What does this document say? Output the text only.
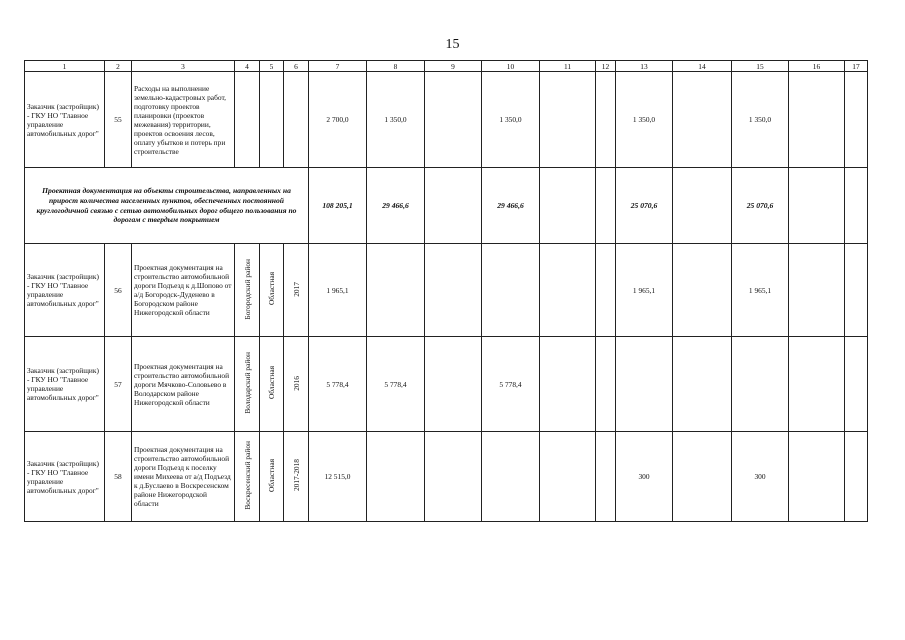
15
1	2	3	4	5	6	7	8	9	10	11	12	13	14	15	16	17
Заказчик (застройщик) - ГКУ НО "Главное управление автомобильных дорог"	55	Расходы на выполнение земельно-кадастровых работ, подготовку проектов планировки (проектов межевания) территории, проектов освоения лесов, оплату убытков и потерь при строительстве				2 700,0	1 350,0		1 350,0			1 350,0		1 350,0		
Проектная документация на объекты строительства, направленных на прирост количества населенных пунктов, обеспеченных постоянной круглогодичной связью с сетью автомобильных дорог общего пользования по дорогам с твердым покрытием						108 205,1	29 466,6		29 466,6			25 070,6		25 070,6		
Заказчик (застройщик) - ГКУ НО "Главное управление автомобильных дорог"	56	Проектная документация на строительство автомобильной дороги Подъезд к д.Шопово от а/д Богородск-Дуденево в Богородском районе Нижегородской области	Богородский район	Областная	2017	1 965,1						1 965,1		1 965,1		
Заказчик (застройщик) - ГКУ НО "Главное управление автомобильных дорог"	57	Проектная документация на строительство автомобильной дороги Мячково-Соловьево в Володарском районе Нижегородской области	Володарский район	Областная	2016	5 778,4	5 778,4		5 778,4							
Заказчик (застройщик) - ГКУ НО "Главное управление автомобильных дорог"	58	Проектная документация на строительство автомобильной дороги Подъезд к поселку имени Михеева от а/д Подъезд к д.Буслаево в Воскресенском районе Нижегородской области	Воскресенский район	Областная	2017-2018	12 515,0						300		300		
